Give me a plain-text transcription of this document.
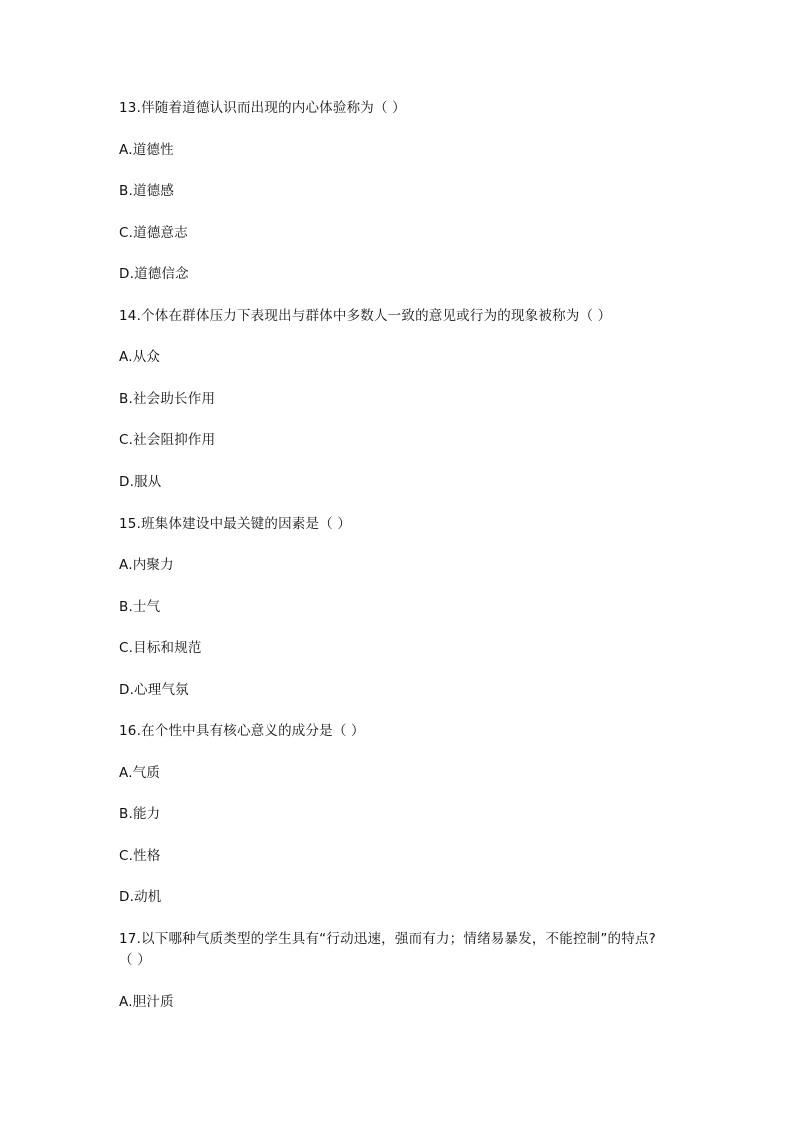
13.伴随着道德认识而出现的内心体验称为（ ）
A.道德性
B.道德感
C.道德意志
D.道德信念
14.个体在群体压力下表现出与群体中多数人一致的意见或行为的现象被称为（ ）
A.从众
B.社会助长作用
C.社会阻抑作用
D.服从
15.班集体建设中最关键的因素是（ ）
A.内聚力
B.士气
C.目标和规范
D.心理气氛
16.在个性中具有核心意义的成分是（ ）
A.气质
B.能力
C.性格
D.动机
17.以下哪种气质类型的学生具有“行动迅速，强而有力；情绪易暴发，不能控制”的特点?
（ ）
A.胆汁质
